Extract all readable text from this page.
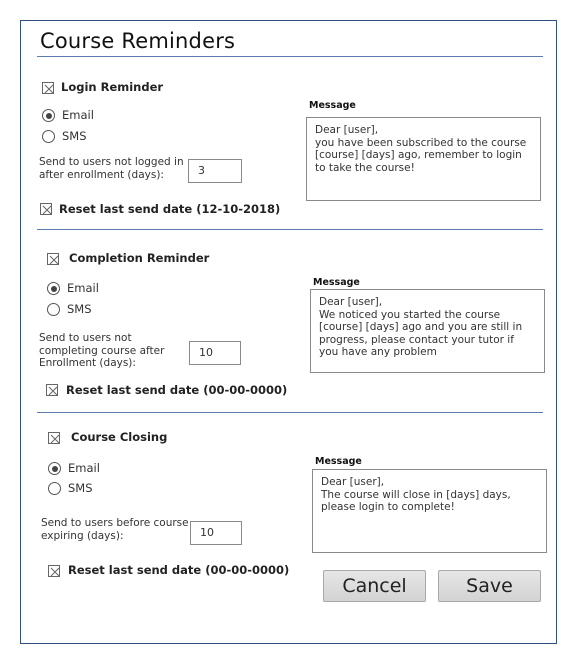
Course Reminders
Login Reminder
Email
SMS
Send to users not logged in after enrollment (days):	3
Reset last send date (12-10-2018)
Message
Dear [user],
you have been subscribed to the course [course] [days] ago, remember to login to take the course!
Completion Reminder
Email
SMS
Send to users not completing course after Enrollment (days):
10
Reset last send date (00-00-0000)
Message
Dear [user],
We noticed you started the course [course] [days] ago and you are still in progress, please contact your tutor if you have any problem
Course Closing
Email
SMS
Send to users before course expiring (days):	10
Reset last send date (00-00-0000)
Message
Dear [user],
The course will close in [days] days, please login to complete!
Cancel	Save
